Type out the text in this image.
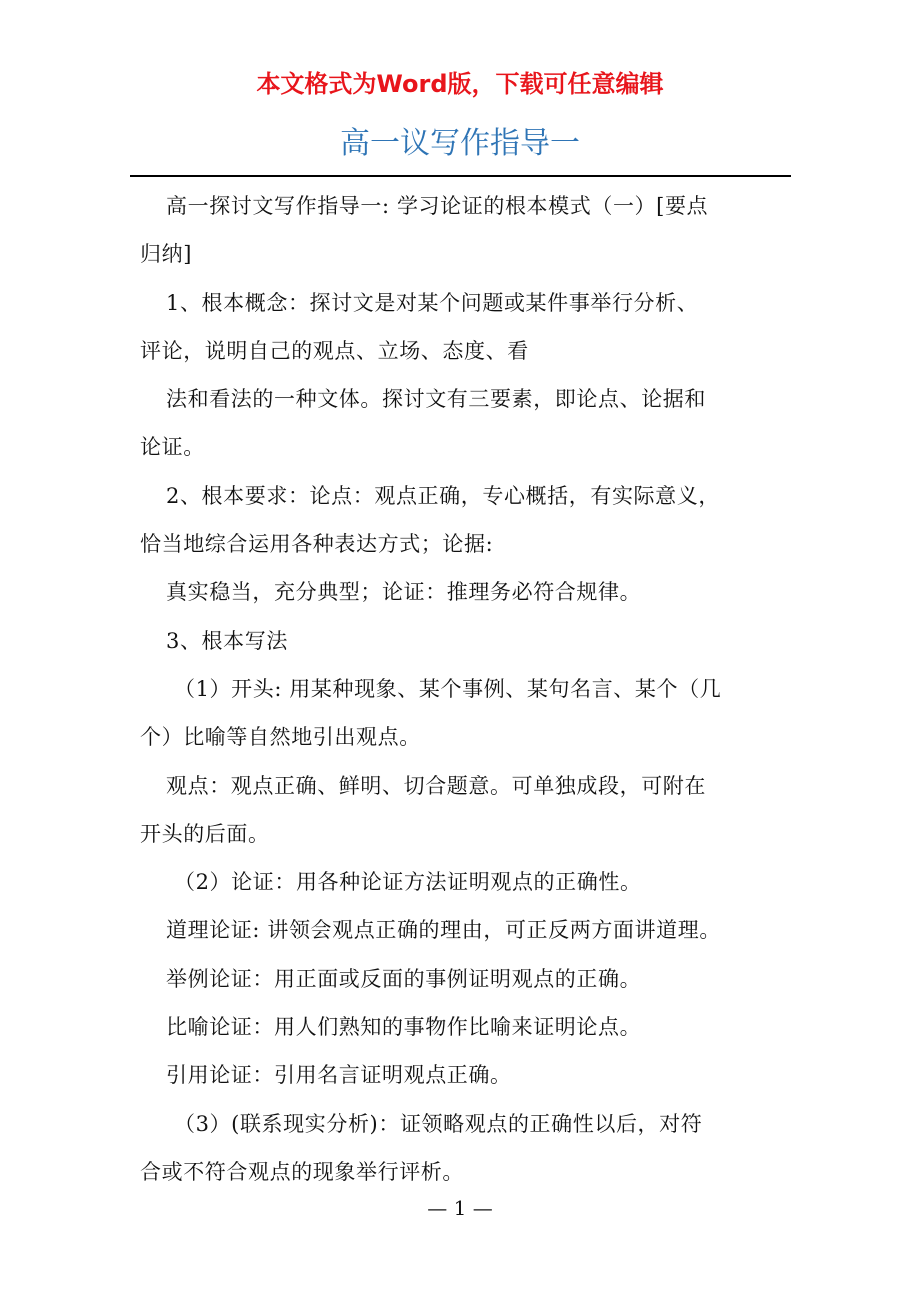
本文格式为Word版，下载可任意编辑
高一议写作指导一
高一探讨文写作指导一: 学习论证的根本模式（一）[要点
归纳]
1、根本概念：探讨文是对某个问题或某件事举行分析、
评论，说明自己的观点、立场、态度、看
法和看法的一种文体。探讨文有三要素，即论点、论据和
论证。
2、根本要求：论点：观点正确，专心概括，有实际意义，
恰当地综合运用各种表达方式；论据:
真实稳当，充分典型；论证：推理务必符合规律。
3、根本写法
（1）开头: 用某种现象、某个事例、某句名言、某个（几
个）比喻等自然地引出观点。
观点：观点正确、鲜明、切合题意。可单独成段，可附在
开头的后面。
（2）论证：用各种论证方法证明观点的正确性。
道理论证: 讲领会观点正确的理由，可正反两方面讲道理。
举例论证：用正面或反面的事例证明观点的正确。
比喻论证：用人们熟知的事物作比喻来证明论点。
引用论证：引用名言证明观点正确。
（3）(联系现实分析)：证领略观点的正确性以后，对符
合或不符合观点的现象举行评析。
— 1 —
